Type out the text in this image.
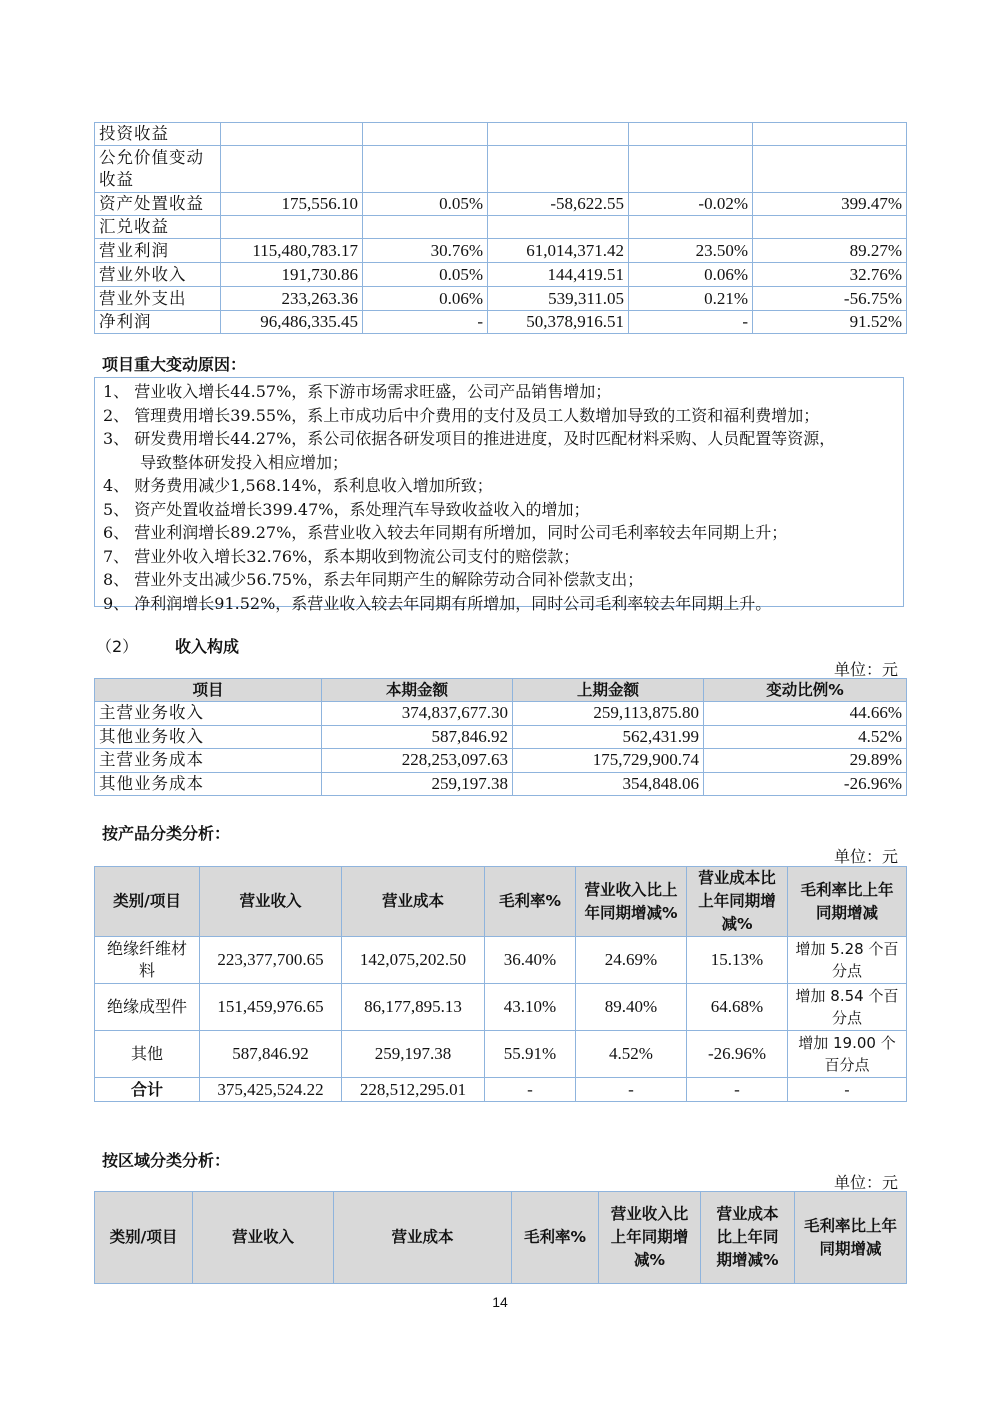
投资收益					
公允价值变动收益					
资产处置收益	175,556.10	0.05%	-58,622.55	-0.02%	399.47%
汇兑收益					
营业利润	115,480,783.17	30.76%	61,014,371.42	23.50%	89.27%
营业外收入	191,730.86	0.05%	144,419.51	0.06%	32.76%
营业外支出	233,263.36	0.06%	539,311.05	0.21%	-56.75%
净利润	96,486,335.45	-	50,378,916.51	-	91.52%
项目重大变动原因：
1、 营业收入增长44.57%，系下游市场需求旺盛，公司产品销售增加；
2、 管理费用增长39.55%，系上市成功后中介费用的支付及员工人数增加导致的工资和福利费增加；
3、 研发费用增长44.27%，系公司依据各研发项目的推进进度，及时匹配材料采购、人员配置等资源，
导致整体研发投入相应增加；
4、 财务费用减少1,568.14%，系利息收入增加所致；
5、 资产处置收益增长399.47%，系处理汽车导致收益收入的增加；
6、 营业利润增长89.27%，系营业收入较去年同期有所增加，同时公司毛利率较去年同期上升；
7、 营业外收入增长32.76%，系本期收到物流公司支付的赔偿款；
8、 营业外支出减少56.75%，系去年同期产生的解除劳动合同补偿款支出；
9、 净利润增长91.52%，系营业收入较去年同期有所增加，同时公司毛利率较去年同期上升。
（2） 收入构成
单位：元
项目	本期金额	上期金额	变动比例%
主营业务收入	374,837,677.30	259,113,875.80	44.66%
其他业务收入	587,846.92	562,431.99	4.52%
主营业务成本	228,253,097.63	175,729,900.74	29.89%
其他业务成本	259,197.38	354,848.06	-26.96%
按产品分类分析：
单位：元
类别/项目	营业收入	营业成本	毛利率%	营业收入比上年同期增减%	营业成本比上年同期增减%	毛利率比上年同期增减
绝缘纤维材料	223,377,700.65	142,075,202.50	36.40%	24.69%	15.13%	增加 5.28 个百分点
绝缘成型件	151,459,976.65	86,177,895.13	43.10%	89.40%	64.68%	增加 8.54 个百分点
其他	587,846.92	259,197.38	55.91%	4.52%	-26.96%	增加 19.00 个百分点
合计	375,425,524.22	228,512,295.01	-	-	-	-
按区域分类分析：
单位：元
类别/项目	营业收入	营业成本	毛利率%	营业收入比上年同期增减%	营业成本比上年同期增减%	毛利率比上年同期增减
14
